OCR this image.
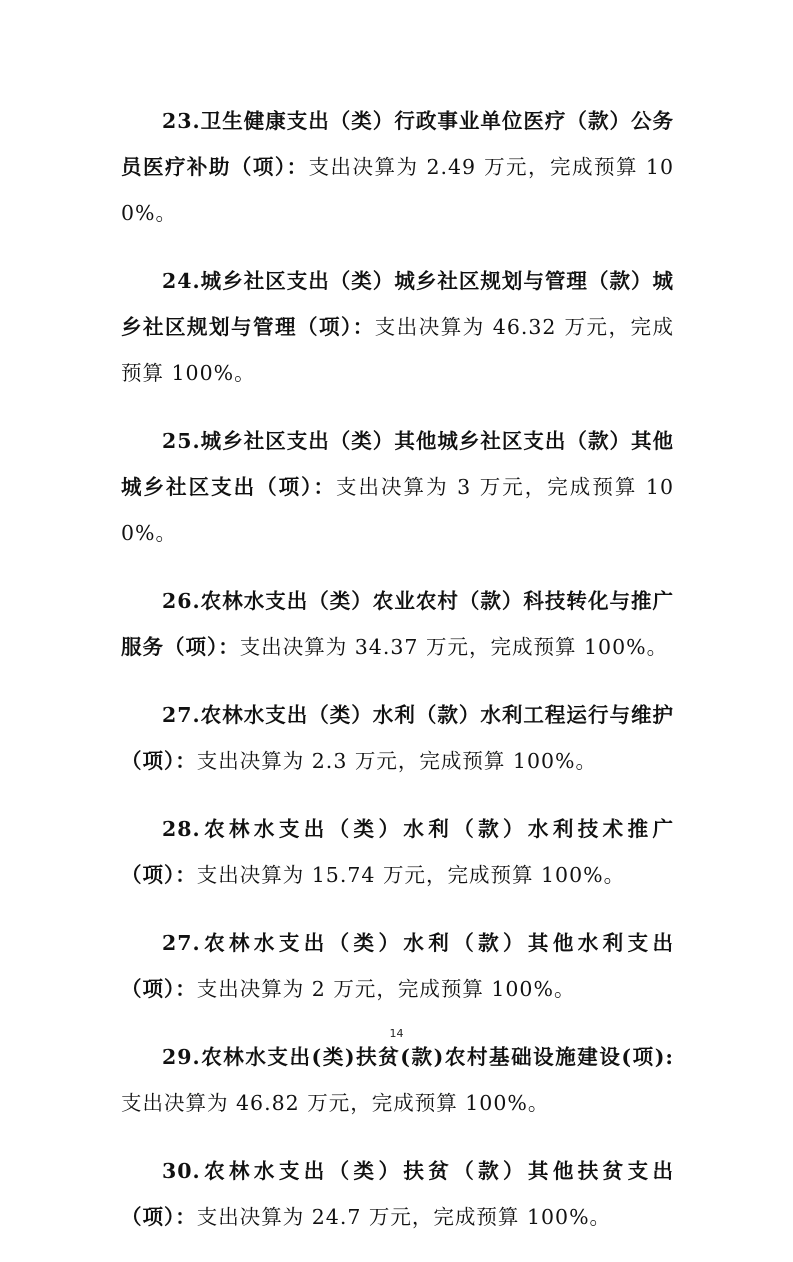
23.卫生健康支出（类）行政事业单位医疗（款）公务员医疗补助（项）：支出决算为 2.49 万元，完成预算 100%。

24.城乡社区支出（类）城乡社区规划与管理（款）城乡社区规划与管理（项）：支出决算为 46.32 万元，完成预算 100%。

25.城乡社区支出（类）其他城乡社区支出（款）其他城乡社区支出（项）：支出决算为 3 万元，完成预算 100%。

26.农林水支出（类）农业农村（款）科技转化与推广服务（项）：支出决算为 34.37 万元，完成预算 100%。

27.农林水支出（类）水利（款）水利工程运行与维护（项）：支出决算为 2.3 万元，完成预算 100%。

28.农林水支出（类）水利（款）水利技术推广（项）：支出决算为 15.74 万元，完成预算 100%。

27.农林水支出（类）水利（款）其他水利支出（项）：支出决算为 2 万元，完成预算 100%。

29.农林水支出(类)扶贫(款)农村基础设施建设(项):支出决算为 46.82 万元，完成预算 100%。

30.农林水支出（类）扶贫（款）其他扶贫支出（项）：支出决算为 24.7 万元，完成预算 100%。

14
